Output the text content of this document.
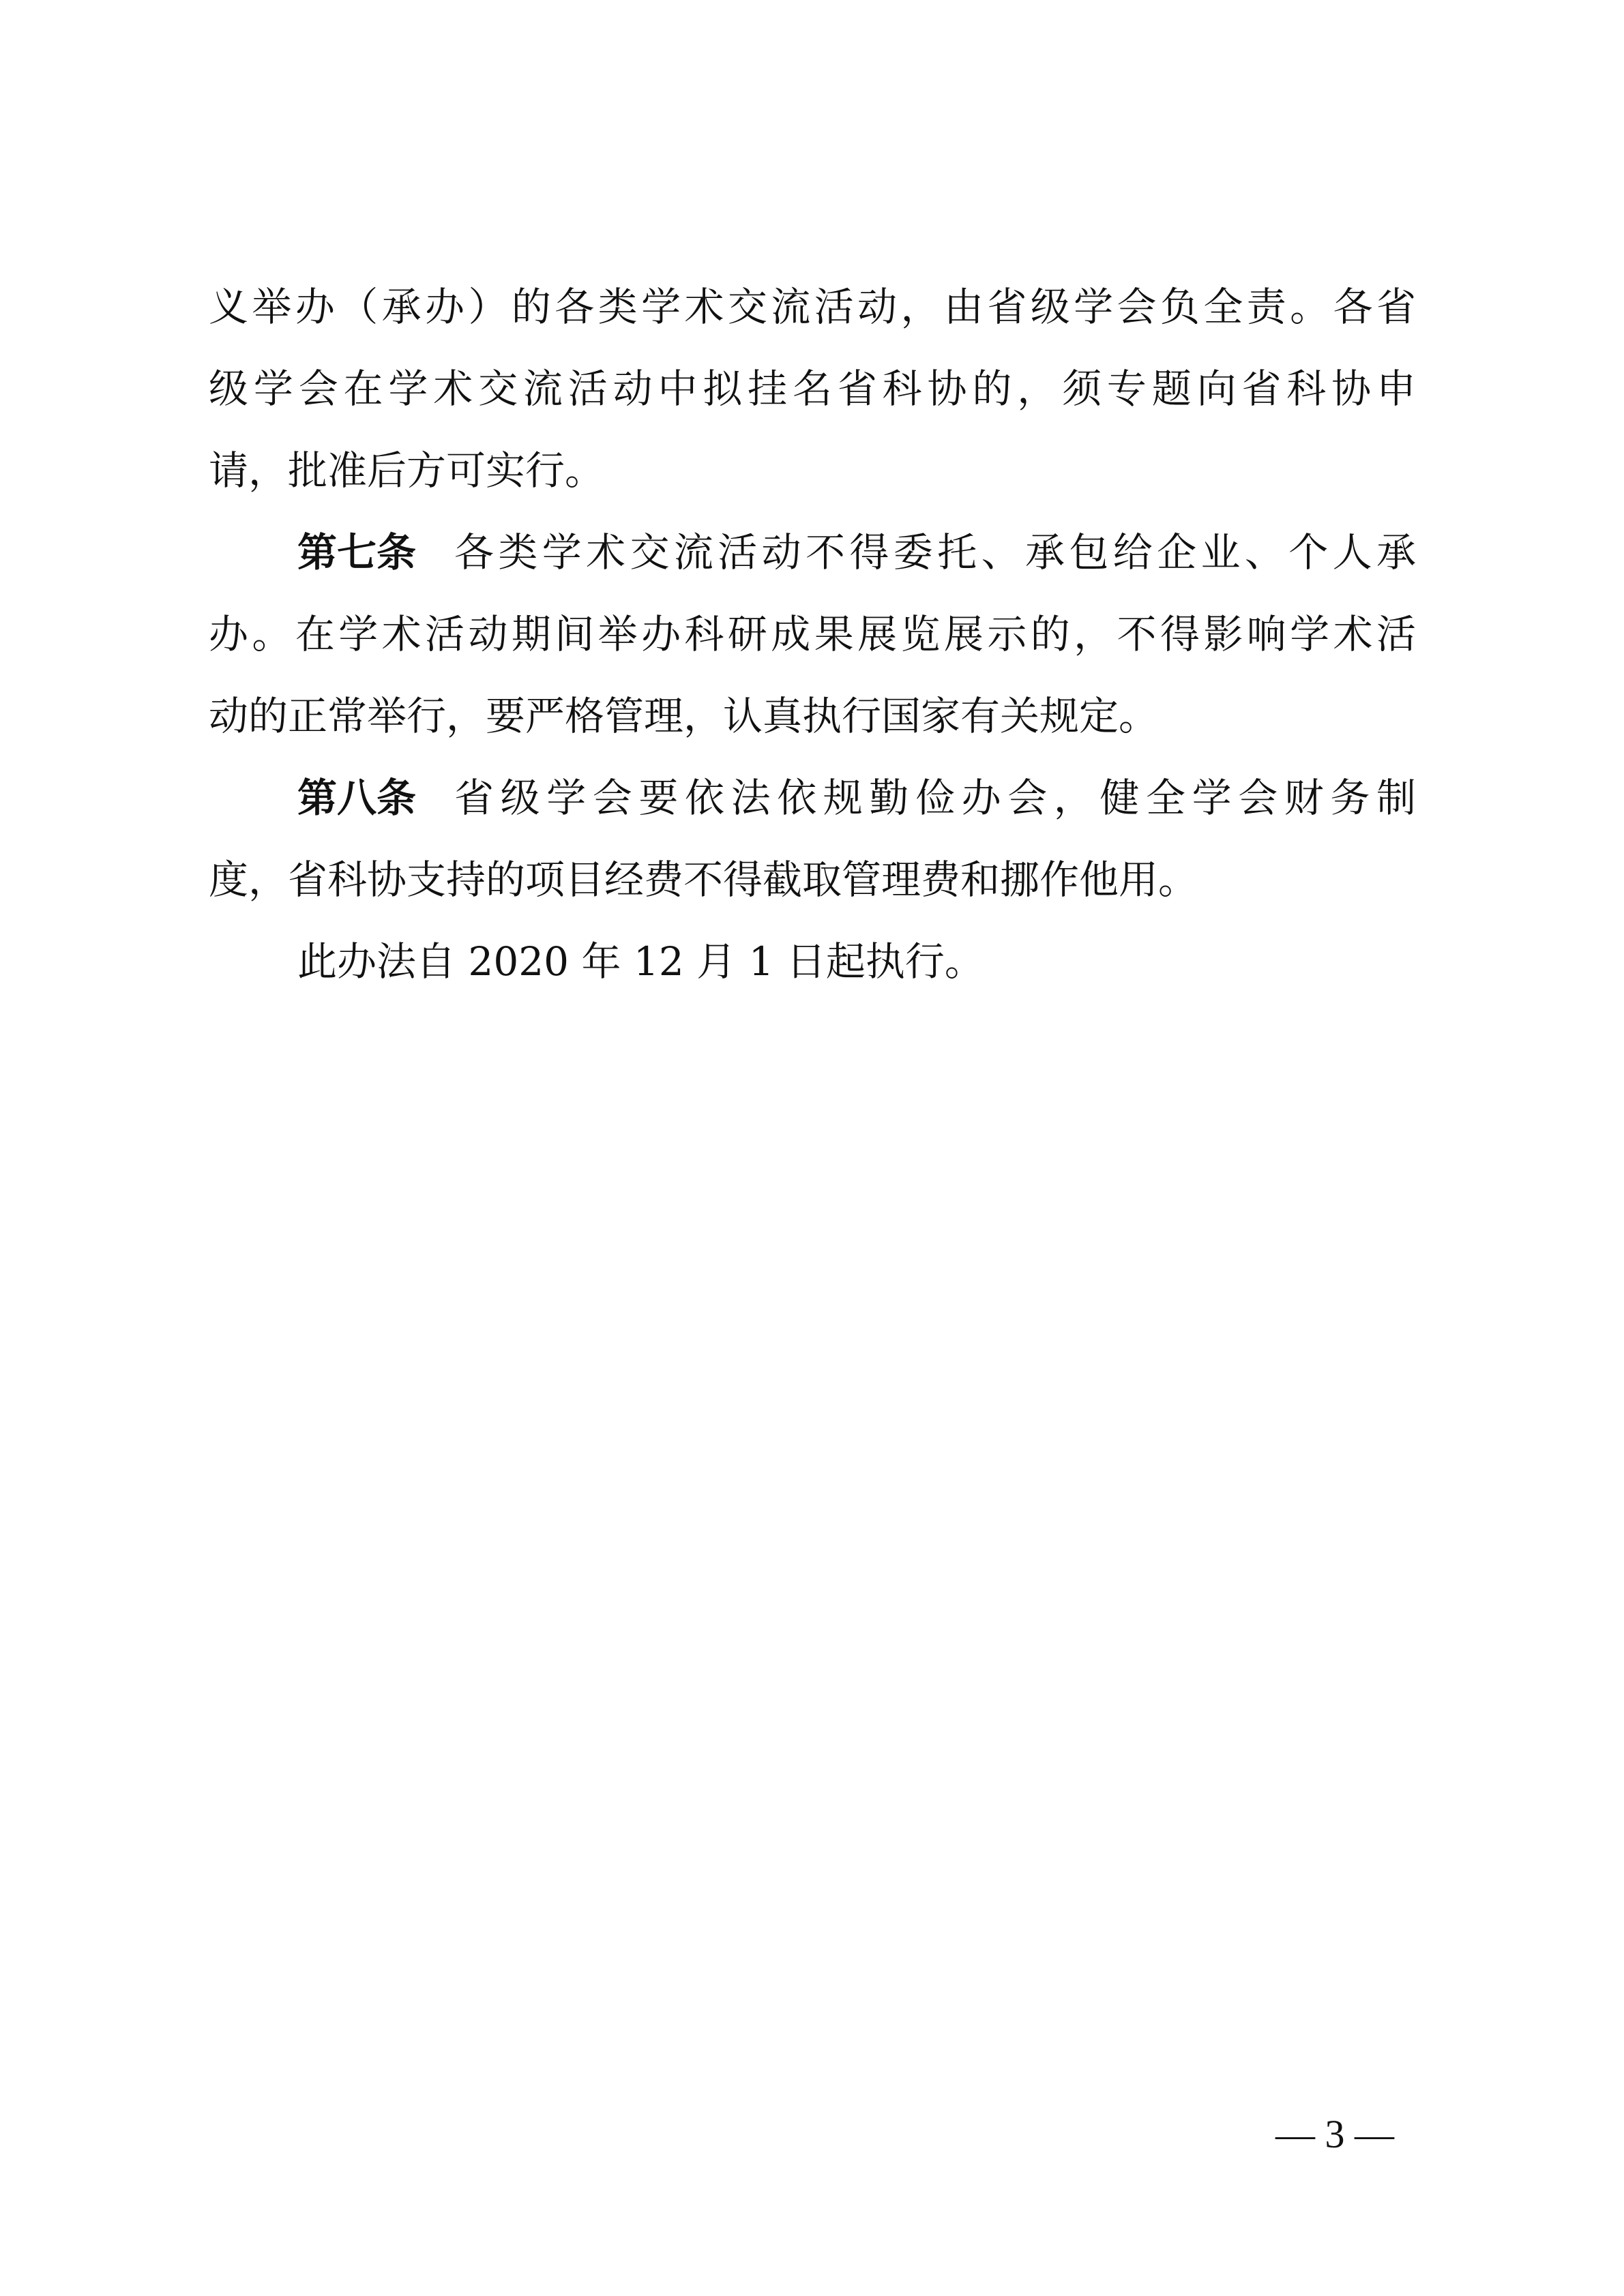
义举办（承办）的各类学术交流活动，由省级学会负全责。各省
级学会在学术交流活动中拟挂名省科协的，须专题向省科协申
请，批准后方可实行。
第七条 各类学术交流活动不得委托、承包给企业、个人承
办。在学术活动期间举办科研成果展览展示的，不得影响学术活
动的正常举行，要严格管理，认真执行国家有关规定。
第八条 省级学会要依法依规勤俭办会，健全学会财务制
度，省科协支持的项目经费不得截取管理费和挪作他用。
此办法自 2020 年 12 月 1 日起执行。
— 3 —
